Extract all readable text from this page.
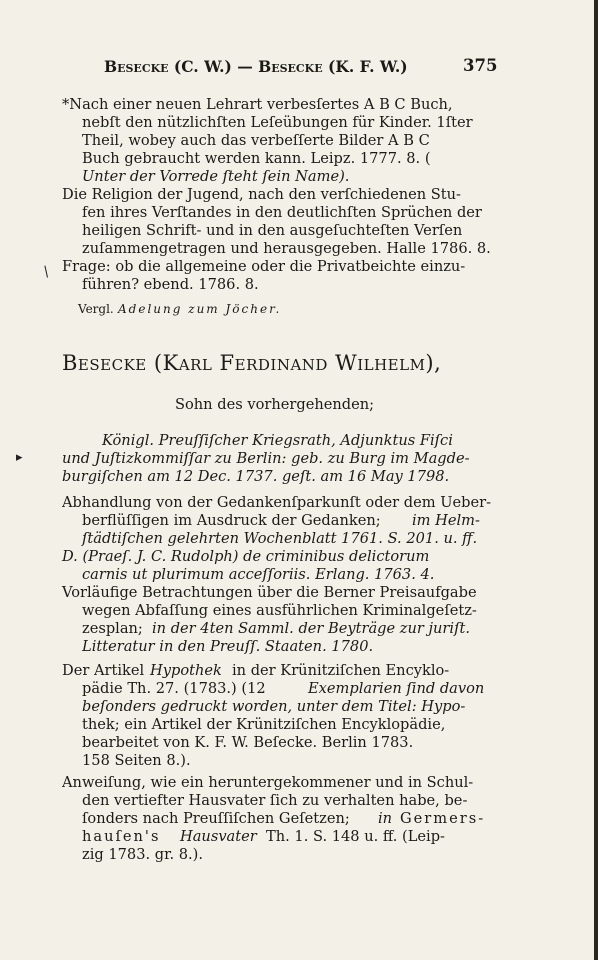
Besecke (C. W.) — Besecke (K. F. W.)	375
*Nach einer neuen Lehrart verbesſertes A B C Buch,
nebſt den nützlichſten Leſeübungen für Kinder. 1ſter
Theil, wobey auch das verbeſſerte Bilder A B C
Buch gebraucht werden kann. Leipz. 1777. 8. (
Unter der Vorrede ſteht ſein Name).
Die Religion der Jugend, nach den verſchiedenen Stu-
fen ihres Verſtandes in den deutlichſten Sprüchen der
heiligen Schrift- und in den ausgeſuchteſten Verſen
zuſammengetragen und herausgegeben. Halle 1786. 8.
Frage: ob die allgemeine oder die Privatbeichte einzu-
führen? ebend. 1786. 8.
Vergl. Adelung zum Jöcher.
Besecke (Karl Ferdinand Wilhelm),
Sohn des vorhergehenden;
Königl. Preuſſiſcher Kriegsrath, Adjunktus Fiſci
und Juſtizkommiſſar zu Berlin: geb. zu Burg im Magde-
burgiſchen am 12 Dec. 1737. geſt. am 16 May 1798.
Abhandlung von der Gedankenſparkunſt oder dem Ueber-
berflüſſigen im Ausdruck der Gedanken; im Helm-
ſtädtiſchen gelehrten Wochenblatt 1761. S. 201. u. ff.
D. (Praeſ. J. C. Rudolph) de criminibus delictorum
carnis ut plurimum acceſſoriis. Erlang. 1763. 4.
Vorläufige Betrachtungen über die Berner Preisaufgabe
wegen Abfaſſung eines ausführlichen Kriminalgeſetz-
zesplan; in der 4ten Samml. der Beyträge zur juriſt.
Litteratur in den Preuſſ. Staaten. 1780.
Der Artikel Hypothek in der Krünitziſchen Encyklo-
pädie Th. 27. (1783.) (12	Exemplarien ſind davon
beſonders gedruckt worden, unter dem Titel: Hypo-
thek; ein Artikel der Krünitziſchen Encyklopädie,
bearbeitet von K. F. W. Beſecke. Berlin 1783.
158 Seiten 8.).
Anweiſung, wie ein heruntergekommener und in Schul-
den vertiefter Hausvater ſich zu verhalten habe, be-
ſonders nach Preuſſiſchen Geſetzen; in Germers-
hauſen's Hausvater Th. 1. S. 148 u. ff. (Leip-
zig 1783. gr. 8.).
/
▸
